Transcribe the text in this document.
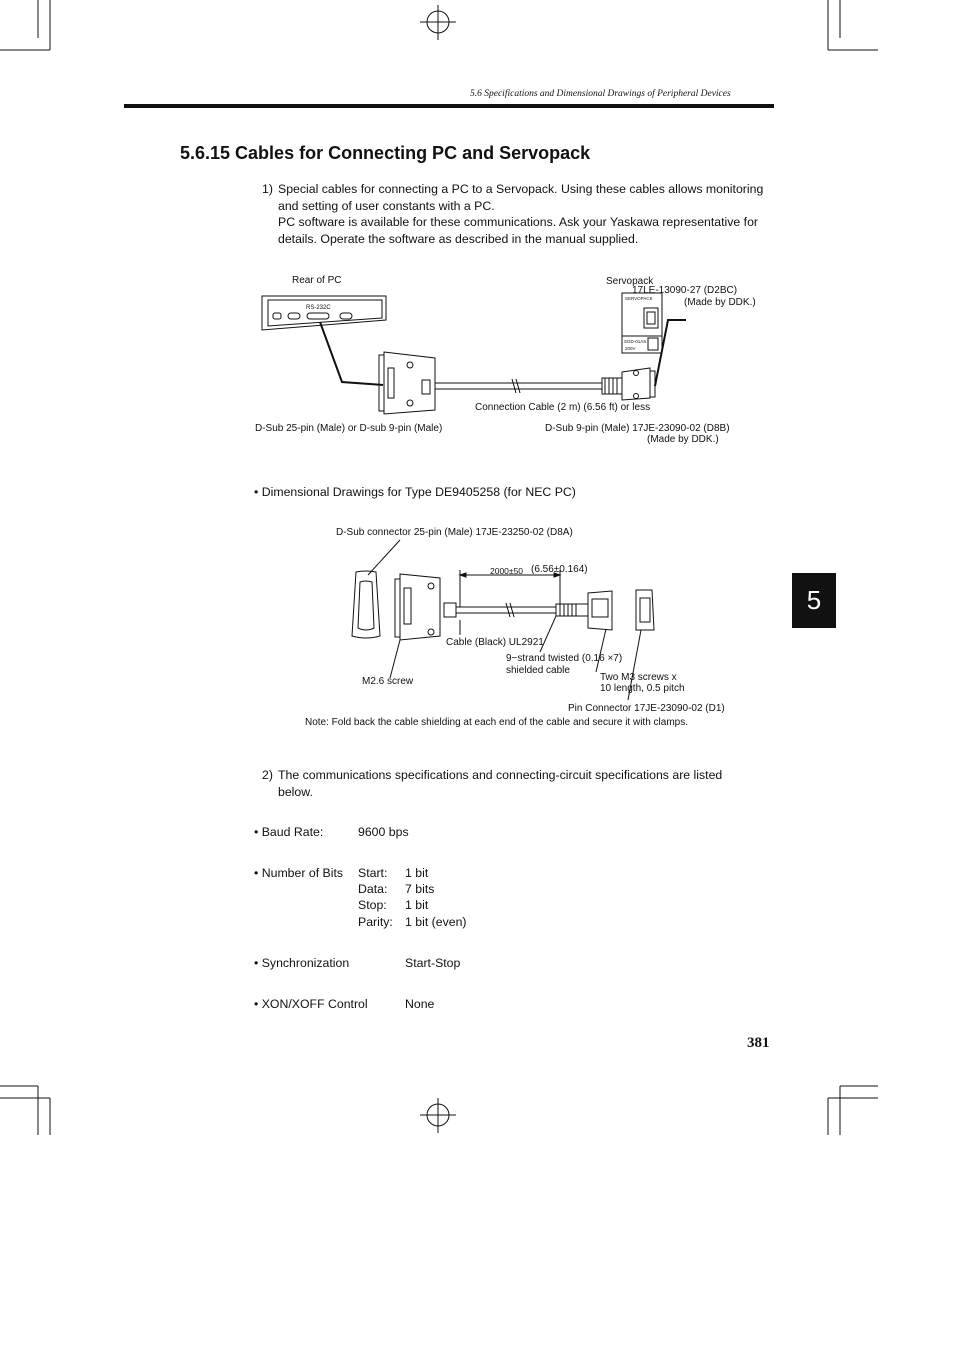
5.6 Specifications and Dimensional Drawings of Peripheral Devices
5.6.15 Cables for Connecting PC and Servopack
1) Special cables for connecting a PC to a Servopack. Using these cables allows monitoring
and setting of user constants with a PC.
PC software is available for these communications. Ask your Yaskawa representative for
details. Operate the software as described in the manual supplied.
Rear of PC
RS-232C
Servopack
17LE-13090-27 (D2BC)
(Made by DDK.)
SERVOPACK
SGD-01AS
200V
Connection Cable (2 m) (6.56 ft) or less
D-Sub 25-pin (Male) or D-sub 9-pin (Male)	D-Sub 9-pin (Male) 17JE-23090-02 (D8B)
(Made by DDK.)
• Dimensional Drawings for Type DE9405258 (for NEC PC)
D-Sub connector 25-pin (Male) 17JE-23250-02 (D8A)
2000±50 (6.56±0.164)
Cable (Black) UL2921
9−strand twisted (0.16 ×7)
shielded cable
M2.6 screw	Two M3 screws x
10 length, 0.5 pitch
Pin Connector 17JE-23090-02 (D1)
Note: Fold back the cable shielding at each end of the cable and secure it with clamps.
2) The communications specifications and connecting-circuit specifications are listed
below.
• Baud Rate:	9600 bps
• Number of Bits Start: 1 bit
Data: 7 bits
Stop: 1 bit
Parity: 1 bit (even)
• Synchronization	Start-Stop
• XON/XOFF Control	None
5
381
